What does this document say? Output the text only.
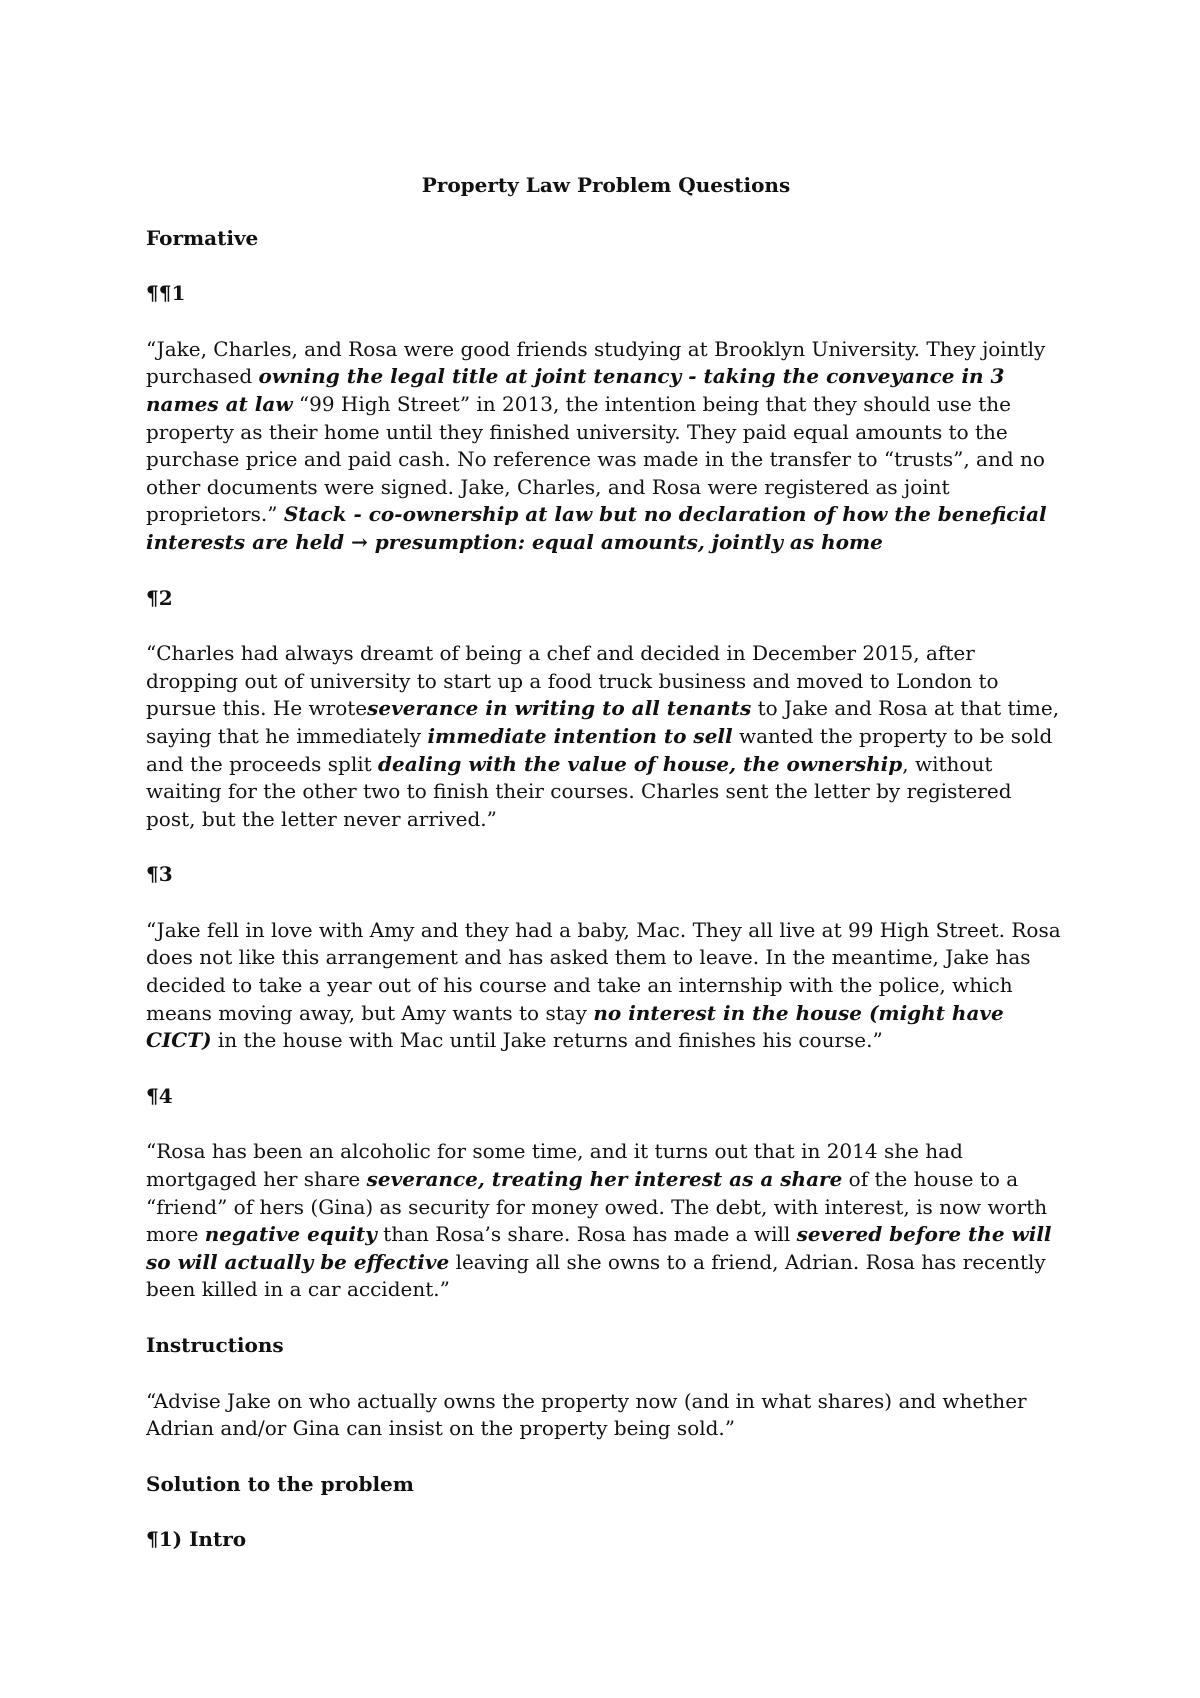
Property Law Problem Questions

Formative

¶¶1

“Jake, Charles, and Rosa were good friends studying at Brooklyn University. They jointly purchased owning the legal title at joint tenancy - taking the conveyance in 3 names at law “99 High Street” in 2013, the intention being that they should use the property as their home until they finished university. They paid equal amounts to the purchase price and paid cash. No reference was made in the transfer to “trusts”, and no other documents were signed. Jake, Charles, and Rosa were registered as joint proprietors.” Stack - co-ownership at law but no declaration of how the beneficial interests are held → presumption: equal amounts, jointly as home

¶2

“Charles had always dreamt of being a chef and decided in December 2015, after dropping out of university to start up a food truck business and moved to London to pursue this. He wroteseverance in writing to all tenants to Jake and Rosa at that time, saying that he immediately immediate intention to sell wanted the property to be sold and the proceeds split dealing with the value of house, the ownership, without waiting for the other two to finish their courses. Charles sent the letter by registered post, but the letter never arrived.”

¶3

“Jake fell in love with Amy and they had a baby, Mac. They all live at 99 High Street. Rosa does not like this arrangement and has asked them to leave. In the meantime, Jake has decided to take a year out of his course and take an internship with the police, which means moving away, but Amy wants to stay no interest in the house (might have CICT) in the house with Mac until Jake returns and finishes his course.”

¶4

“Rosa has been an alcoholic for some time, and it turns out that in 2014 she had mortgaged her share severance, treating her interest as a share of the house to a “friend” of hers (Gina) as security for money owed. The debt, with interest, is now worth more negative equity than Rosa’s share. Rosa has made a will severed before the will so will actually be effective leaving all she owns to a friend, Adrian. Rosa has recently been killed in a car accident.”

Instructions

“Advise Jake on who actually owns the property now (and in what shares) and whether Adrian and/or Gina can insist on the property being sold.”

Solution to the problem

¶1) Intro
